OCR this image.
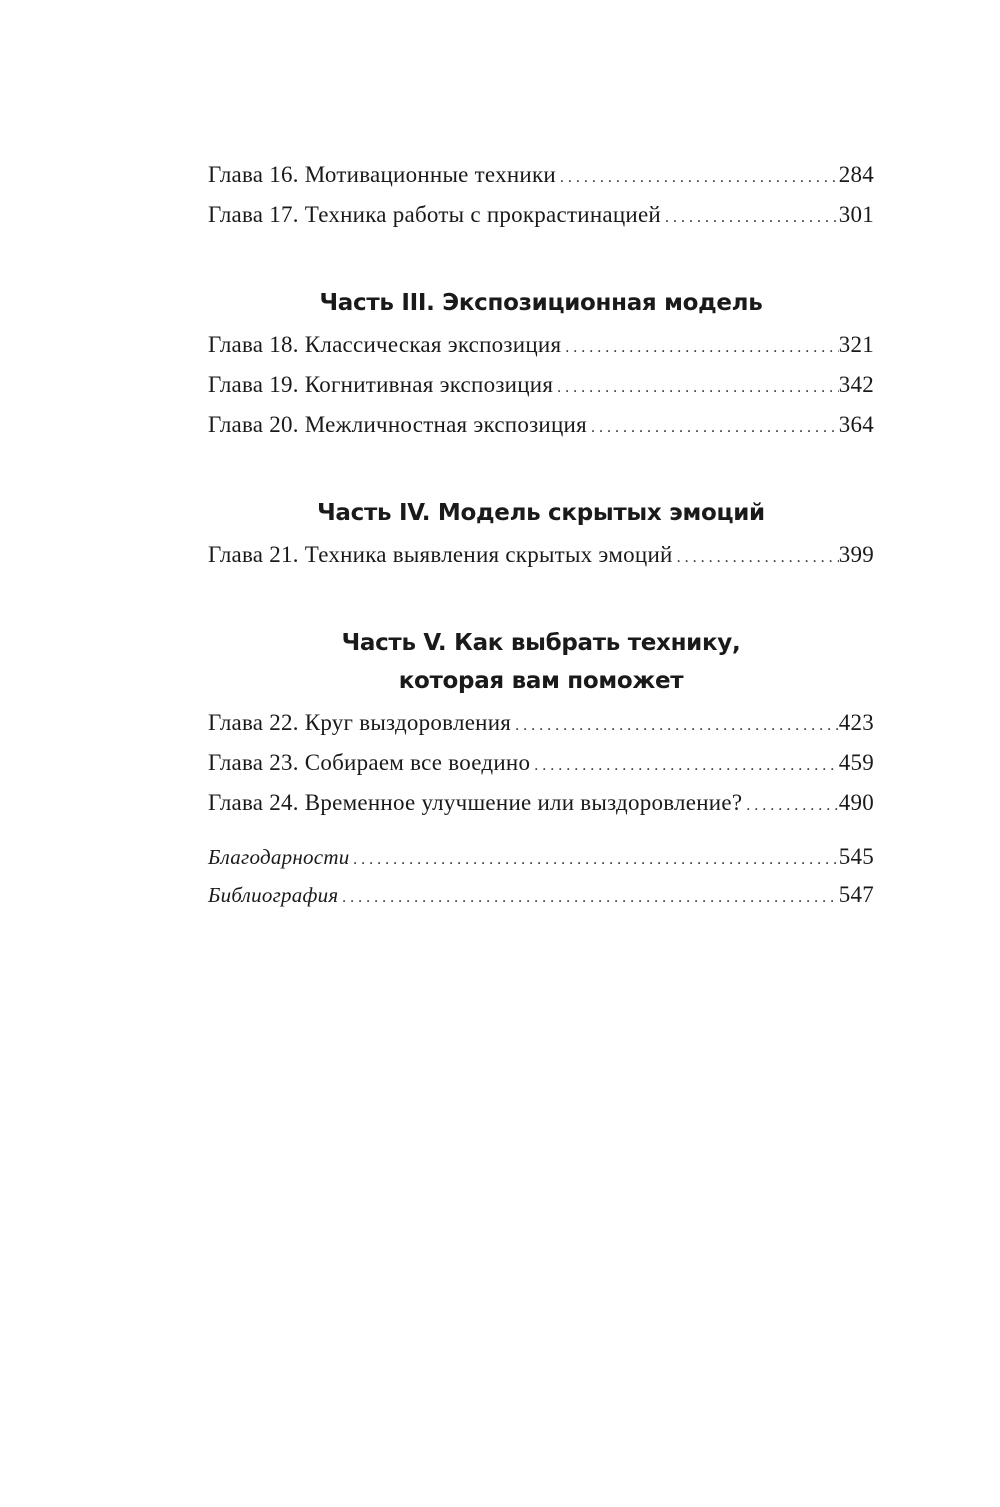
Глава 16. Мотивационные техники . . .	284
Глава 17. Техника работы с прокрастинацией . . .	301
Часть III. Экспозиционная модель
Глава 18. Классическая экспозиция . . .	321
Глава 19. Когнитивная экспозиция . . .	342
Глава 20. Межличностная экспозиция . . .	364
Часть IV. Модель скрытых эмоций
Глава 21. Техника выявления скрытых эмоций . . .	399
Часть V. Как выбрать технику,
которая вам поможет
Глава 22. Круг выздоровления . . .	423
Глава 23. Собираем все воедино . . .	459
Глава 24. Временное улучшение или выздоровление? . . .	490
Благодарности . . .	545
Библиография . . .	547
